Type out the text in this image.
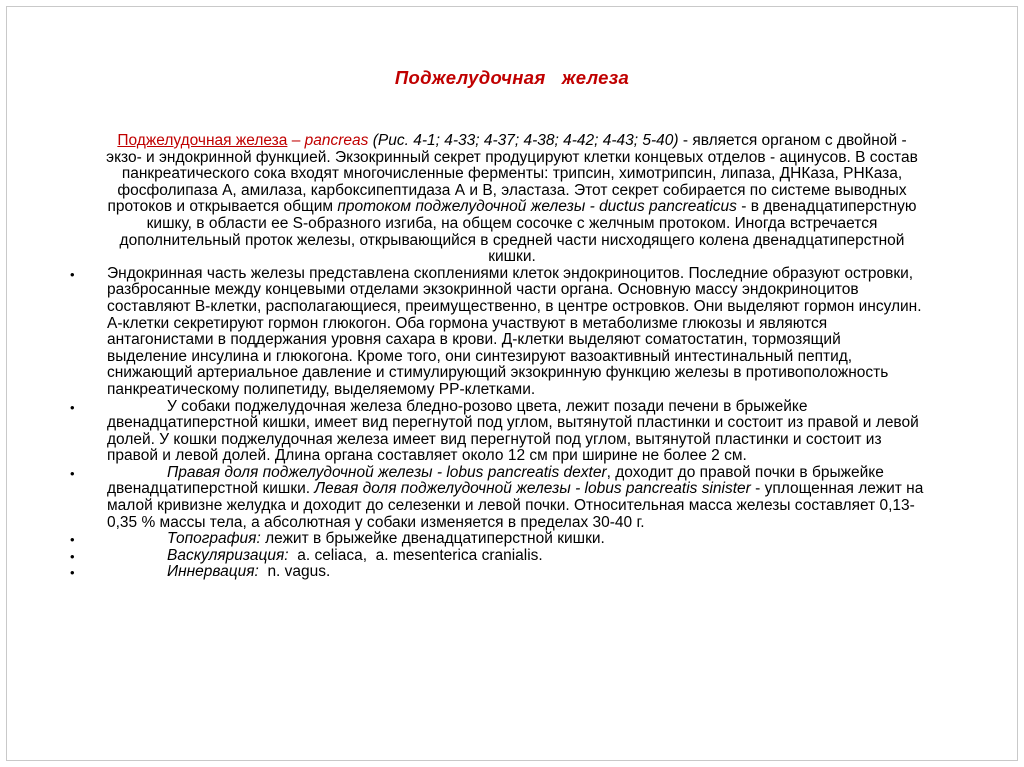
Поджелудочная   железа

Поджелудочная железа – pancreas (Рис. 4-1; 4-33; 4-37; 4-38; 4-42; 4-43; 5-40) - является органом с двойной - экзо- и эндокринной функцией. Экзокринный секрет продуцируют клетки концевых отделов - ацинусов. В состав панкреатического сока входят многочисленные ферменты: трипсин, химотрипсин, липаза, ДНКаза, РНКаза, фосфолипаза А, амилаза, карбоксипептидаза А и В, эластаза. Этот секрет собирается по системе выводных протоков и открывается общим протоком поджелудочной железы - ductus pancreaticus - в двенадцатиперстную кишку, в области ее S-образного изгиба, на общем сосочке с желчным протоком. Иногда встречается дополнительный проток железы, открывающийся в средней части нисходящего колена двенадцатиперстной кишки.

• Эндокринная часть железы представлена скоплениями клеток эндокриноцитов. Последние образуют островки, разбросанные между концевыми отделами экзокринной части органа. Основную массу эндокриноцитов составляют В-клетки, располагающиеся, преимущественно, в центре островков. Они выделяют гормон инсулин. А-клетки секретируют гормон глюкогон. Оба гормона участвуют в метаболизме глюкозы и являются антагонистами в поддержания уровня сахара в крови. Д-клетки выделяют соматостатин, тормозящий выделение инсулина и глюкогона. Кроме того, они синтезируют вазоактивный интестинальный пептид, снижающий артериальное давление и стимулирующий экзокринную функцию железы в противоположность панкреатическому полипетиду, выделяемому РР-клетками.
•	У собаки поджелудочная железа бледно-розово цвета, лежит позади печени в брыжейке двенадцатиперстной кишки, имеет вид перегнутой под углом, вытянутой пластинки и состоит из правой и левой долей. У кошки поджелудочная железа имеет вид перегнутой под углом, вытянутой пластинки и состоит из правой и левой долей. Длина органа составляет около 12 см при ширине не более 2 см.
•	Правая доля поджелудочной железы - lobus pancreatis dexter, доходит до правой почки в брыжейке двенадцатиперстной кишки. Левая доля поджелудочной железы - lobus pancreatis sinister - уплощенная лежит на малой кривизне желудка и доходит до селезенки и левой почки. Относительная масса железы составляет 0,13-0,35 % массы тела, а абсолютная у собаки изменяется в пределах 30-40 г.
•	Топография: лежит в брыжейке двенадцатиперстной кишки.
•	Васкуляризация:  a. celiaca,  a. mesenterica cranialis.
•	Иннервация:  n. vagus.
